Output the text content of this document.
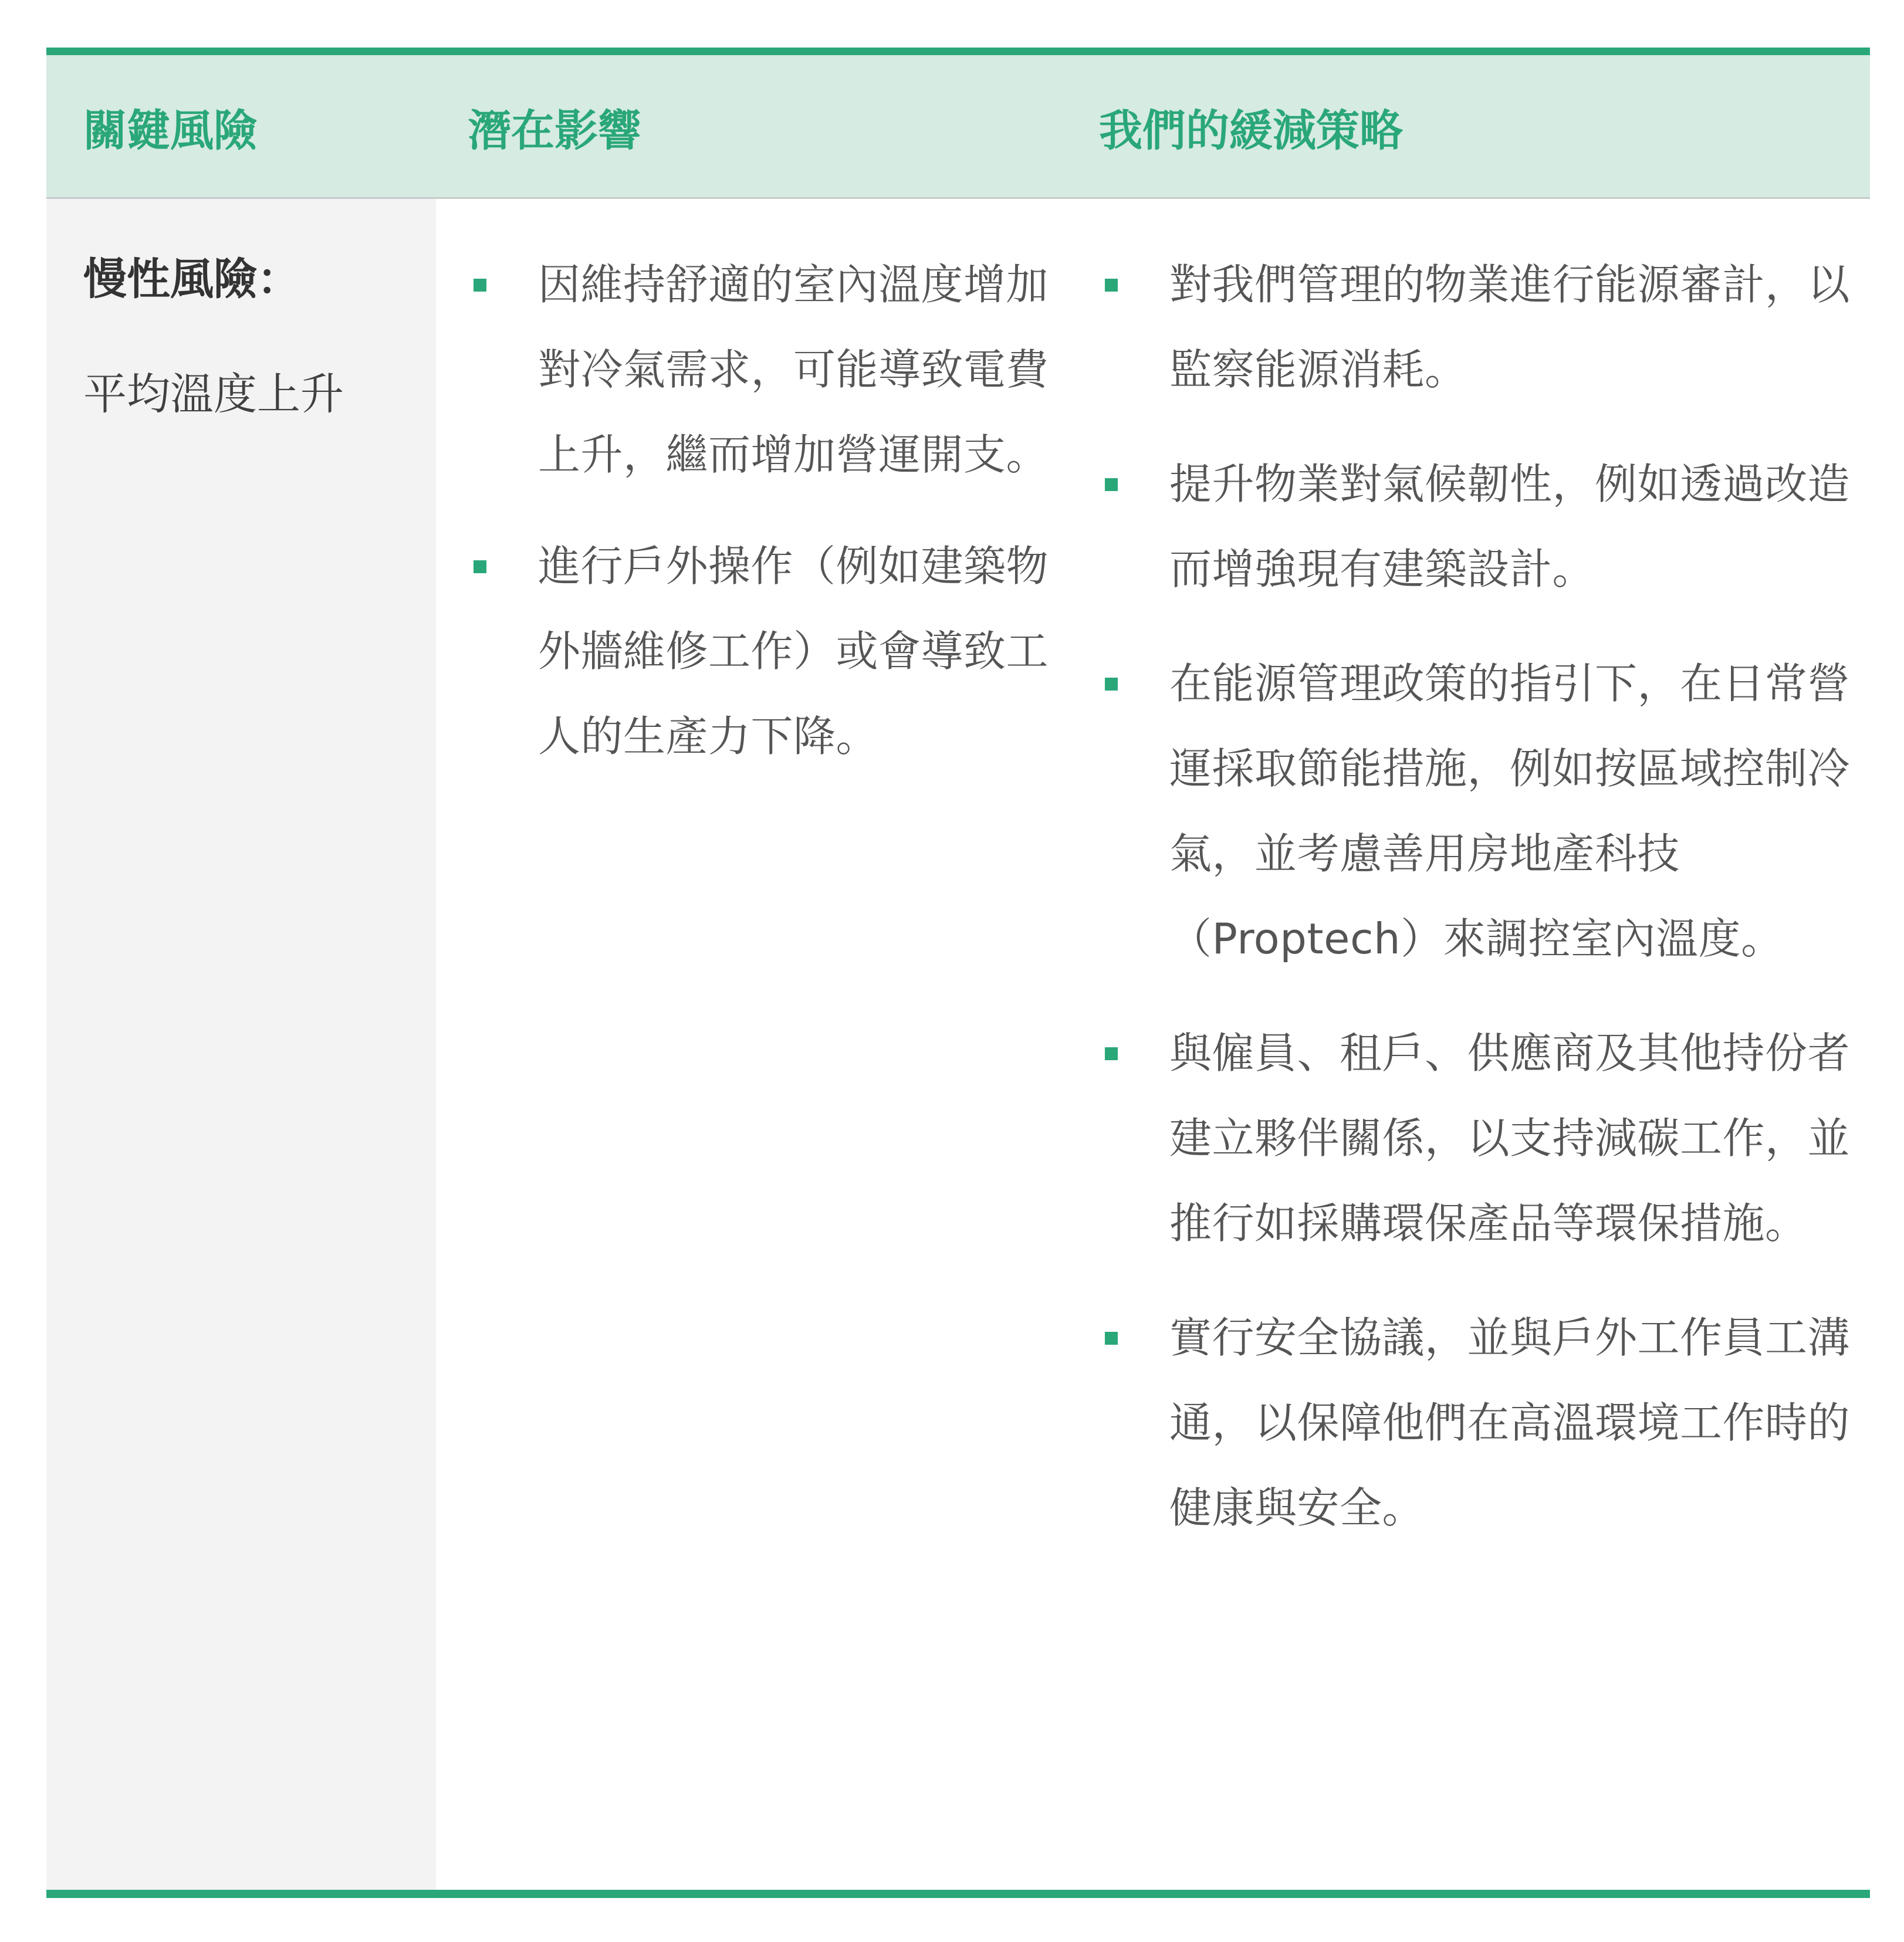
關鍵風險	潛在影響	我們的緩減策略
慢性風險：
平均溫度上升
因維持舒適的室內溫度增加對冷氣需求，可能導致電費上升，繼而增加營運開支。
進行戶外操作（例如建築物外牆維修工作）或會導致工人的生產力下降。
對我們管理的物業進行能源審計，以監察能源消耗。
提升物業對氣候韌性，例如透過改造而增強現有建築設計。
在能源管理政策的指引下，在日常營運採取節能措施，例如按區域控制冷氣，並考慮善用房地產科技（Proptech）來調控室內溫度。
與僱員、租戶、供應商及其他持份者建立夥伴關係，以支持減碳工作，並推行如採購環保產品等環保措施。
實行安全協議，並與戶外工作員工溝通，以保障他們在高溫環境工作時的健康與安全。
